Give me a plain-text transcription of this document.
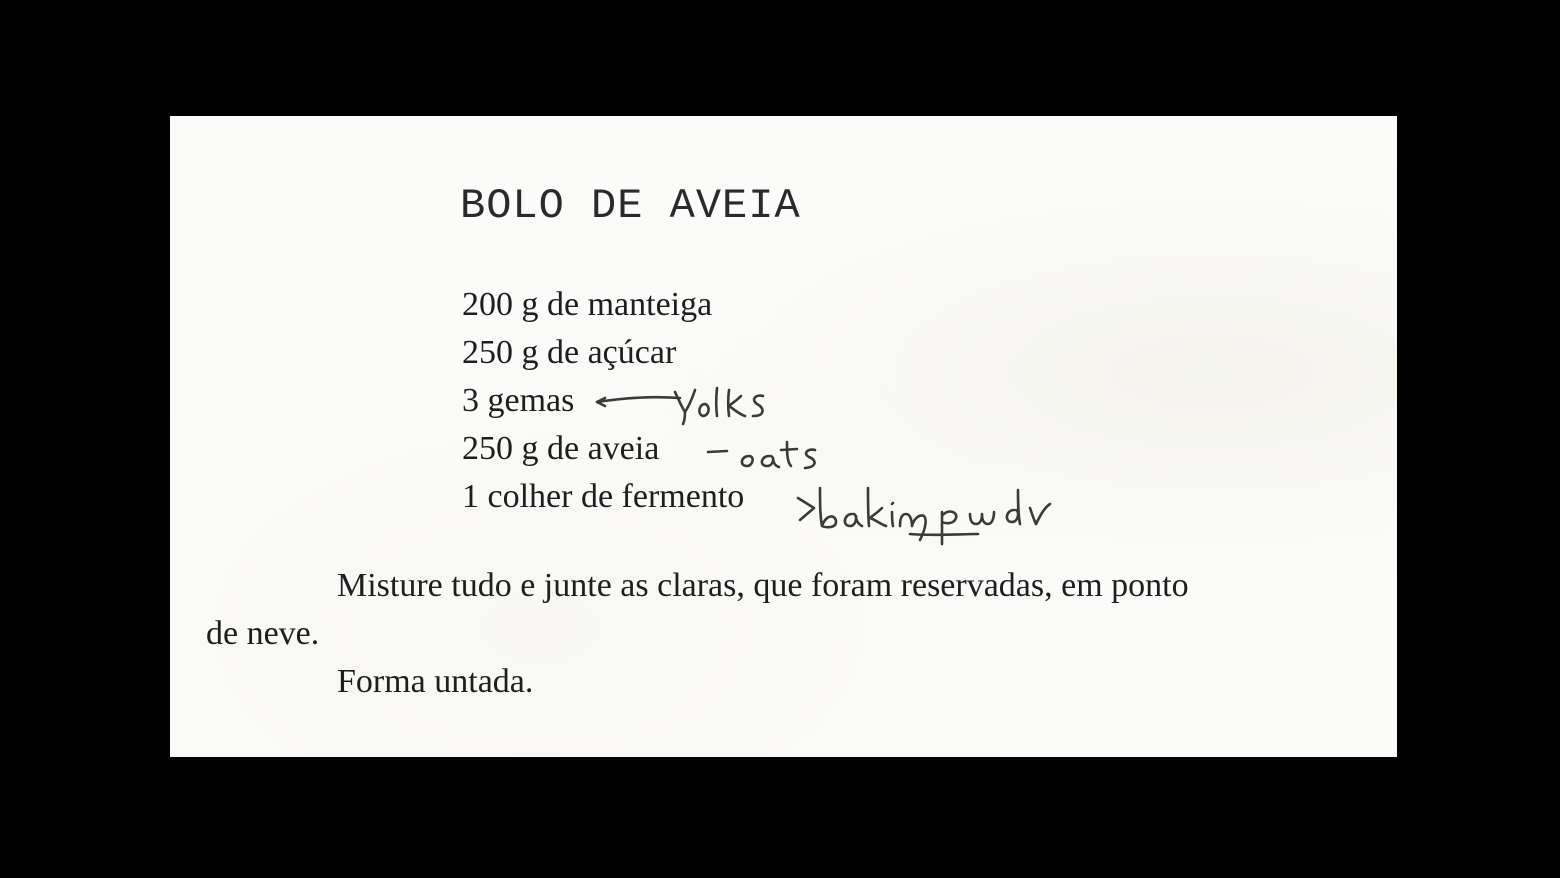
BOLO DE AVEIA
200 g de manteiga
250 g de açúcar
3 gemas
250 g de aveia
1 colher de fermento

Misture tudo e junte as claras, que foram reservadas, em ponto
de neve.

Forma untada.
